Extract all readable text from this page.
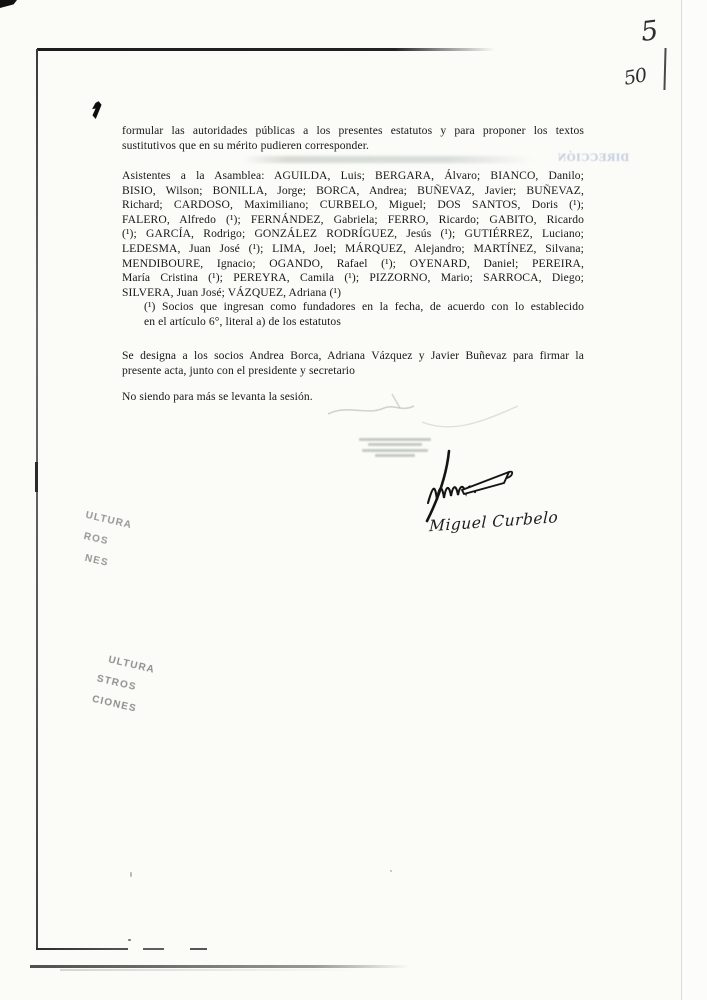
DIRECCIÓN
formular las autoridades públicas a los presentes estatutos y para proponer los textos
sustitutivos que en su mérito pudieren corresponder.
Asistentes a la Asamblea: AGUILDA, Luis; BERGARA, Álvaro; BIANCO, Danilo;
BISIO, Wilson; BONILLA, Jorge; BORCA, Andrea; BUÑEVAZ, Javier; BUÑEVAZ,
Richard; CARDOSO, Maximiliano; CURBELO, Miguel; DOS SANTOS, Doris (¹);
FALERO, Alfredo (¹); FERNÁNDEZ, Gabriela; FERRO, Ricardo; GABITO, Ricardo
(¹); GARCÍA, Rodrigo; GONZÁLEZ RODRÍGUEZ, Jesús (¹); GUTIÉRREZ, Luciano;
LEDESMA, Juan José (¹); LIMA, Joel; MÁRQUEZ, Alejandro; MARTÍNEZ, Silvana;
MENDIBOURE, Ignacio; OGANDO, Rafael (¹); OYENARD, Daniel; PEREIRA,
María Cristina (¹); PEREYRA, Camila (¹); PIZZORNO, Mario; SARROCA, Diego;
SILVERA, Juan José; VÁZQUEZ, Adriana (¹)
(¹) Socios que ingresan como fundadores en la fecha, de acuerdo con lo establecido
en el artículo 6°, literal a) de los estatutos
Se designa a los socios Andrea Borca, Adriana Vázquez y Javier Buñevaz para firmar la
presente acta, junto con el presidente y secretario
No siendo para más se levanta la sesión.
Miguel Curbelo
5
50
ULTURA
ROS
NES
ULTURA
STROS
CIONES
